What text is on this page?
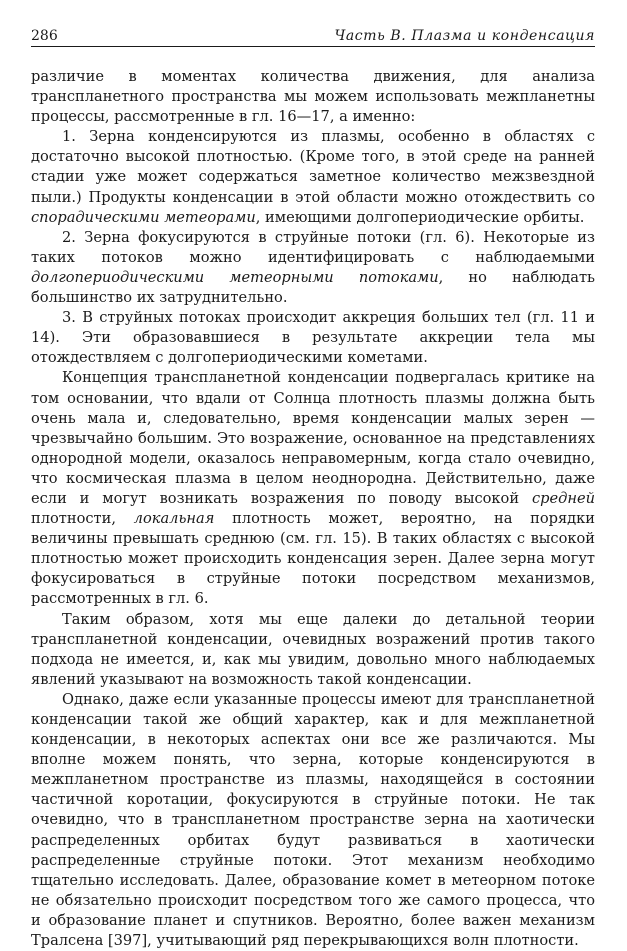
286	Часть В. Плазма и конденсация

различие в моментах количества движения, для анализа транспланетного пространства мы можем использовать межпланетны процессы, рассмотренные в гл. 16—17, а именно:

1. Зерна конденсируются из плазмы, особенно в областях с достаточно высокой плотностью. (Кроме того, в этой среде на ранней стадии уже может содержаться заметное количество межзвездной пыли.) Продукты конденсации в этой области можно отождествить со спорадическими метеорами, имеющими долгопериодические орбиты.

2. Зерна фокусируются в струйные потоки (гл. 6). Некоторые из таких потоков можно идентифицировать с наблюдаемыми долгопериодическими метеорными потоками, но наблюдать большинство их затруднительно.

3. В струйных потоках происходит аккреция больших тел (гл. 11 и 14). Эти образовавшиеся в результате аккреции тела мы отождествляем с долгопериодическими кометами.

Концепция транспланетной конденсации подвергалась критике на том основании, что вдали от Солнца плотность плазмы должна быть очень мала и, следовательно, время конденсации малых зерен — чрезвычайно большим. Это возражение, основанное на представлениях однородной модели, оказалось неправомерным, когда стало очевидно, что космическая плазма в целом неоднородна. Действительно, даже если и могут возникать возражения по поводу высокой средней плотности, локальная плотность может, вероятно, на порядки величины превышать среднюю (см. гл. 15). В таких областях с высокой плотностью может происходить конденсация зерен. Далее зерна могут фокусироваться в струйные потоки посредством механизмов, рассмотренных в гл. 6.

Таким образом, хотя мы еще далеки до детальной теории транспланетной конденсации, очевидных возражений против такого подхода не имеется, и, как мы увидим, довольно много наблюдаемых явлений указывают на возможность такой конденсации.

Однако, даже если указанные процессы имеют для транспланетной конденсации такой же общий характер, как и для межпланетной конденсации, в некоторых аспектах они все же различаются. Мы вполне можем понять, что зерна, которые конденсируются в межпланетном пространстве из плазмы, находящейся в состоянии частичной коротации, фокусируются в струйные потоки. Не так очевидно, что в транспланетном пространстве зерна на хаотически распределенных орбитах будут развиваться в хаотически распределенные струйные потоки. Этот механизм необходимо тщательно исследовать. Далее, образование комет в метеорном потоке не обязательно происходит посредством того же самого процесса, что и образование планет и спутников. Вероятно, более важен механизм Тралсена [397], учитывающий ряд перекрывающихся волн плотности.
